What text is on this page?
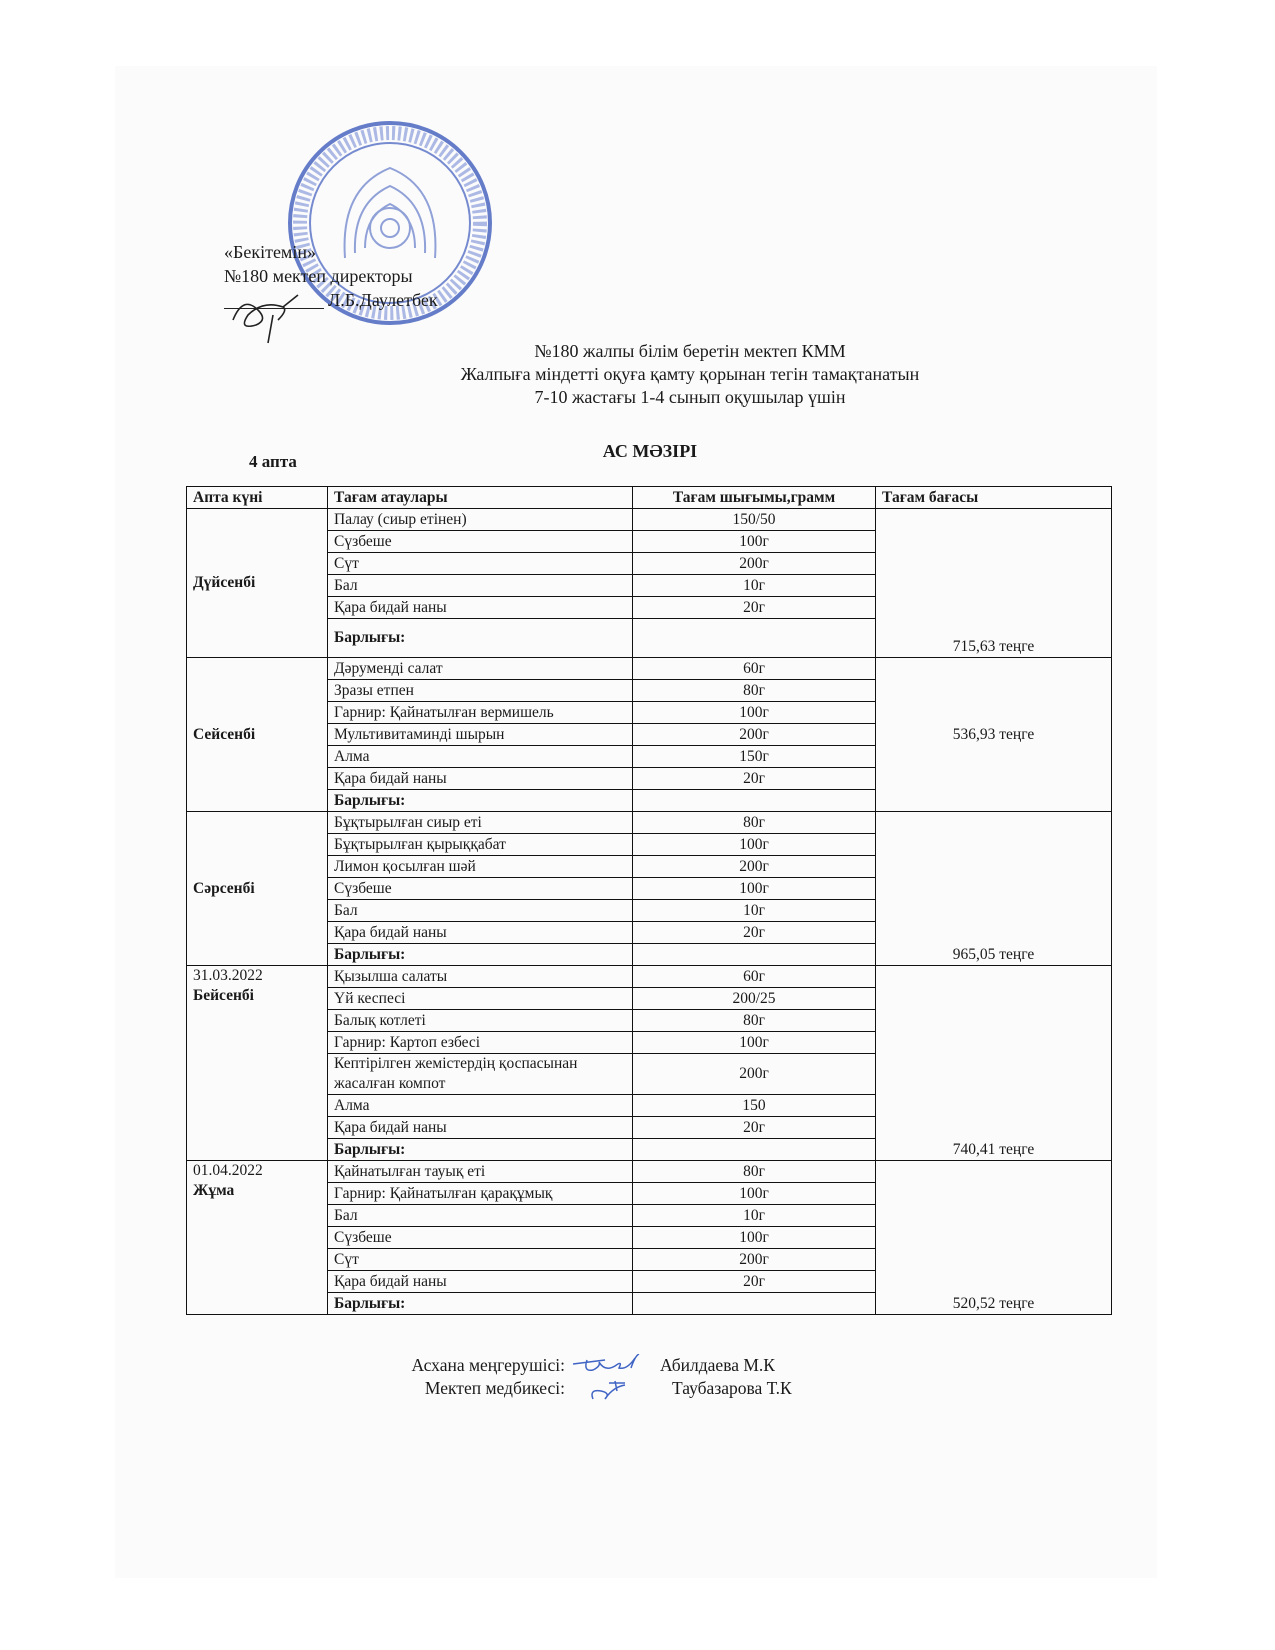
«Бекітемін»
№180 мектеп директоры
Л.Б.Даулетбек
№180 жалпы білім беретін мектеп КММ
Жалпыға міндетті оқуға қамту қорынан тегін тамақтанатын
7-10 жастағы 1-4 сынып оқушылар үшін
4 апта
АС МӘЗІРІ
Апта күні	Тағам атаулары	Тағам шығымы,грамм	Тағам бағасы

Дүйсенбі	Палау (сиыр етінен)	150/50	715,63 теңге
	Сүзбеше	100г	
	Сүт	200г	
	Бал	10г	
	Қара бидай наны	20г	
	Барлығы:		

Сейсенбі	Дәруменді салат	60г	536,93 теңге
	Зразы етпен	80г	
	Гарнир: Қайнатылған вермишель	100г	
	Мультивитаминді шырын	200г	
	Алма	150г	
	Қара бидай наны	20г	
	Барлығы:		

Сәрсенбі	Бұқтырылған сиыр еті	80г	965,05 теңге
	Бұқтырылған қырыққабат	100г	
	Лимон қосылған шәй	200г	
	Сүзбеше	100г	
	Бал	10г	
	Қара бидай наны	20г	
	Барлығы:		

31.03.2022
Бейсенбі	Қызылша салаты	60г	740,41 теңге
	Үй кеспесі	200/25	
	Балық котлеті	80г	
	Гарнир: Картоп езбесі	100г	
	Кептірілген жемістердің қоспасынан жасалған компот	200г	
	Алма	150	
	Қара бидай наны	20г	
	Барлығы:		

01.04.2022
Жұма	Қайнатылған тауық еті	80г	520,52 теңге
	Гарнир: Қайнатылған қарақұмық	100г	
	Бал	10г	
	Сүзбеше	100г	
	Сүт	200г	
	Қара бидай наны	20г	
	Барлығы:		
Асхана меңгерушісі:	Абилдаева М.К
Мектеп медбикесі:	Таубазарова Т.К
